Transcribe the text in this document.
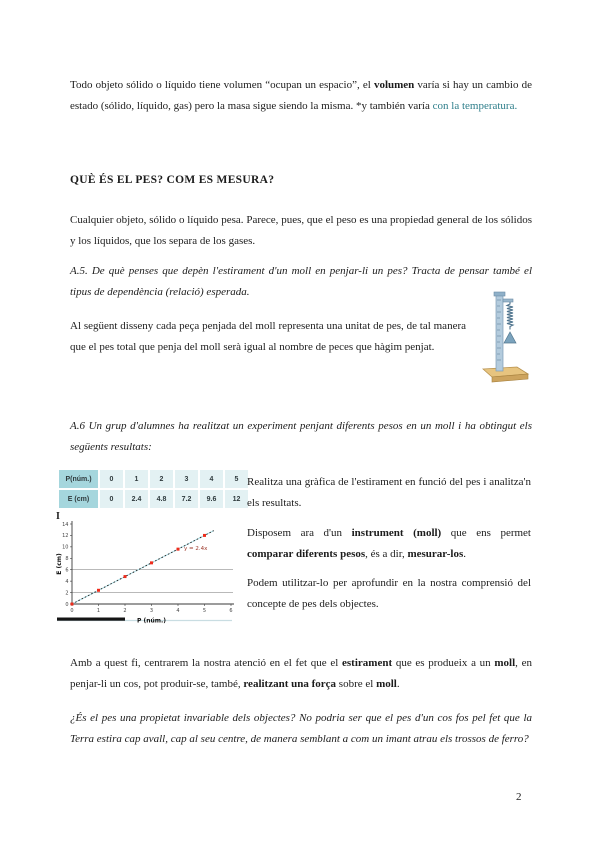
Todo objeto sólido o líquido tiene volumen “ocupan un espacio”, el volumen varía si hay un cambio de estado (sólido, líquido, gas) pero la masa sigue siendo la misma. *y también varía con la temperatura.

QUÈ ÉS EL PES? COM ES MESURA?

Cualquier objeto, sólido o líquido pesa. Parece, pues, que el peso es una propiedad general de los sólidos y los líquidos, que los separa de los gases.

A.5. De què penses que depèn l'estirament d'un moll en penjar-li un pes? Tracta de pensar també el tipus de dependència (relació) esperada.

Al següent disseny cada peça penjada del moll representa una unitat de pes, de tal manera que el pes total que penja del moll serà igual al nombre de peces que hàgim penjat.

A.6 Un grup d'alumnes ha realitzat un experiment penjant diferents pesos en un moll i ha obtingut els següents resultats:

P(núm.)	0	1	2	3	4	5
E (cm)	0	2.4	4.8	7.2	9.6	12
I
0	1	2	3	4	5	6
0
2
4
6
8
10
12
14
y = 2.4x
P (núm.)
E (cm)

Realitza una gràfica de l'estirament en funció del pes i analitza'n els resultats.

Disposem ara d'un instrument (moll) que ens permet comparar diferents pesos, és a dir, mesurar-los.

Podem utilitzar-lo per aprofundir en la nostra comprensió del concepte de pes dels objectes.

Amb a quest fi, centrarem la nostra atenció en el fet que el estirament que es produeix a un moll, en penjar-li un cos, pot produir-se, també, realitzant una força sobre el moll.

¿És el pes una propietat invariable dels objectes? No podria ser que el pes d'un cos fos pel fet que la Terra estira cap avall, cap al seu centre, de manera semblant a com un imant atrau els trossos de ferro?

2
